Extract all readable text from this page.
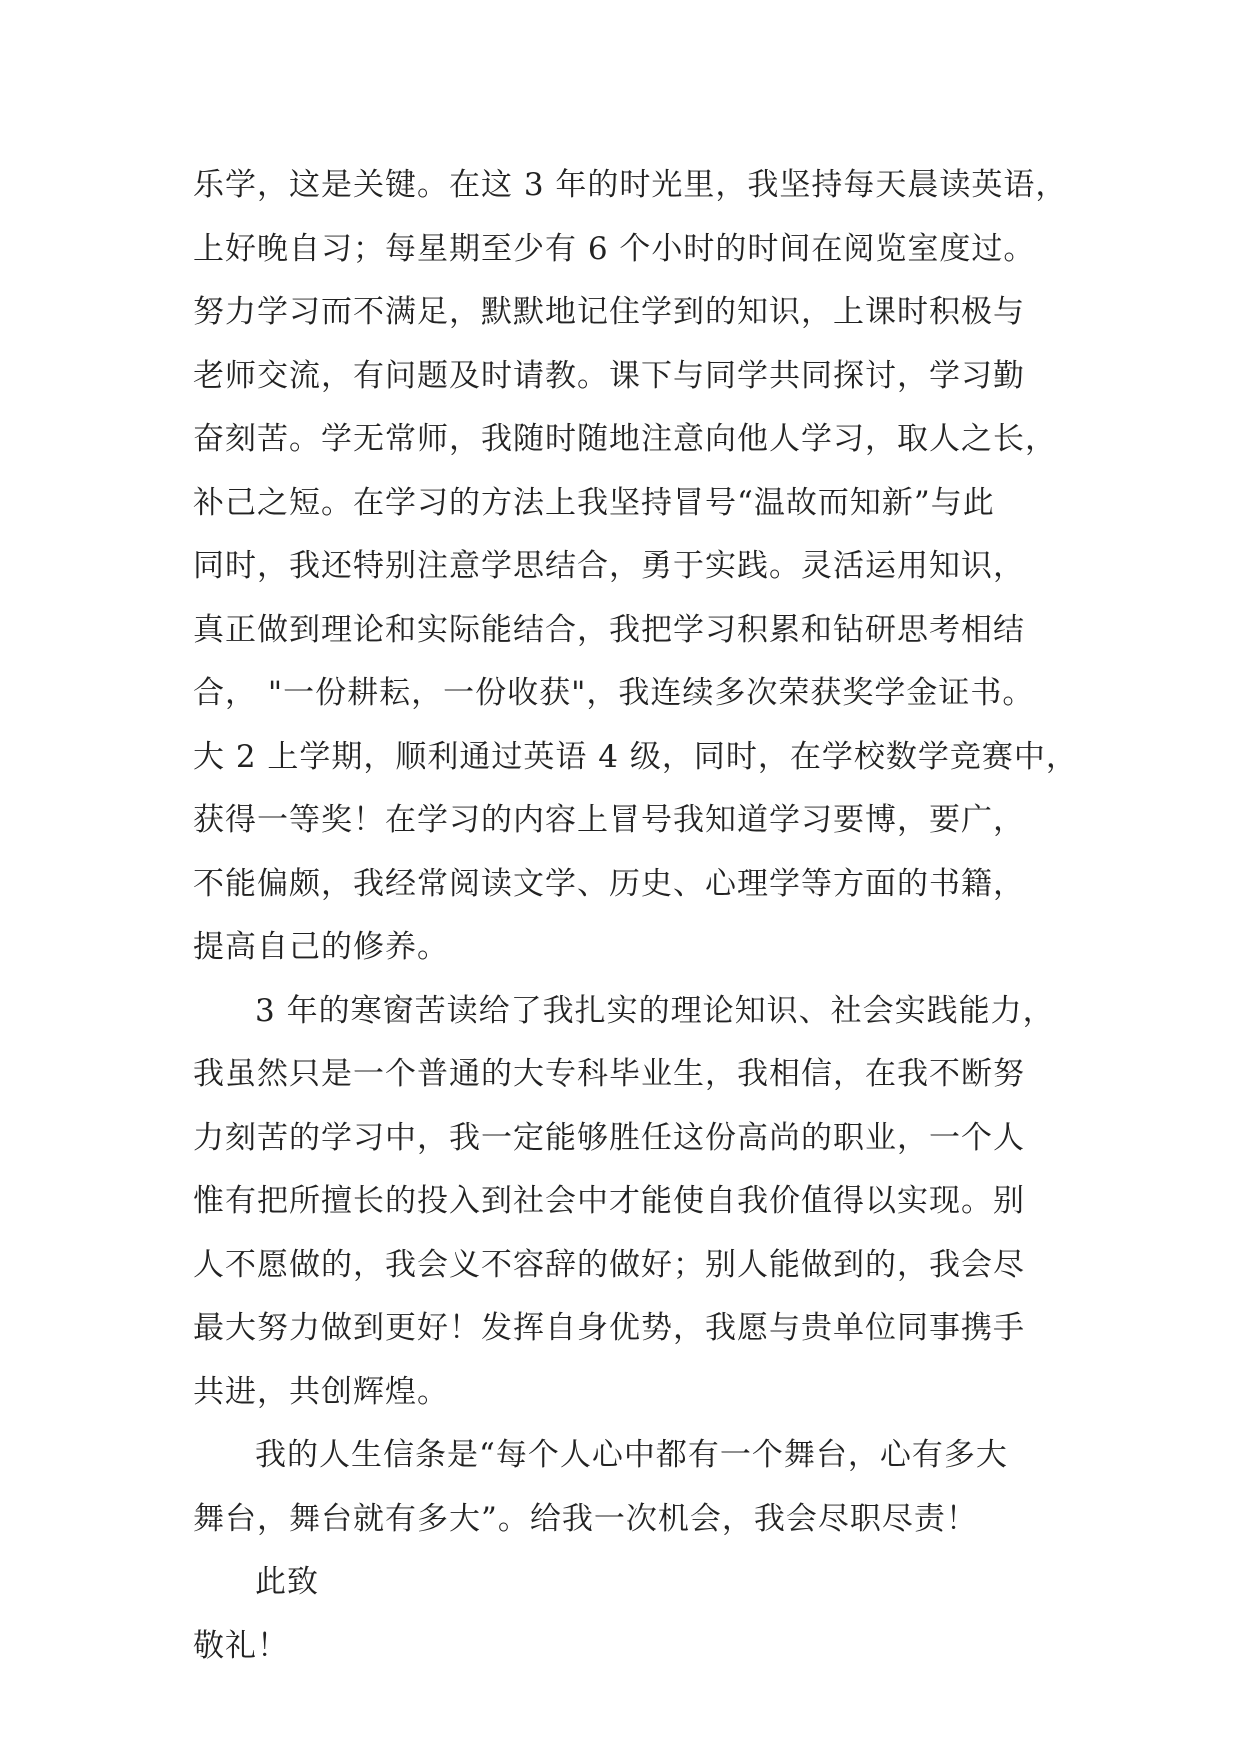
乐学，这是关键。在这 3 年的时光里，我坚持每天晨读英语，
上好晚自习；每星期至少有 6 个小时的时间在阅览室度过。
努力学习而不满足，默默地记住学到的知识，上课时积极与
老师交流，有问题及时请教。课下与同学共同探讨，学习勤
奋刻苦。学无常师，我随时随地注意向他人学习，取人之长，
补己之短。在学习的方法上我坚持冒号“温故而知新”与此
同时，我还特别注意学思结合，勇于实践。灵活运用知识，
真正做到理论和实际能结合，我把学习积累和钻研思考相结
合， "一份耕耘，一份收获"，我连续多次荣获奖学金证书。
大 2 上学期，顺利通过英语 4 级，同时，在学校数学竞赛中，
获得一等奖！在学习的内容上冒号我知道学习要博，要广，
不能偏颇，我经常阅读文学、历史、心理学等方面的书籍，
提高自己的修养。
3 年的寒窗苦读给了我扎实的理论知识、社会实践能力，
我虽然只是一个普通的大专科毕业生，我相信，在我不断努
力刻苦的学习中，我一定能够胜任这份高尚的职业，一个人
惟有把所擅长的投入到社会中才能使自我价值得以实现。别
人不愿做的，我会义不容辞的做好；别人能做到的，我会尽
最大努力做到更好！发挥自身优势，我愿与贵单位同事携手
共进，共创辉煌。
我的人生信条是“每个人心中都有一个舞台，心有多大
舞台，舞台就有多大”。给我一次机会，我会尽职尽责！
此致
敬礼！
